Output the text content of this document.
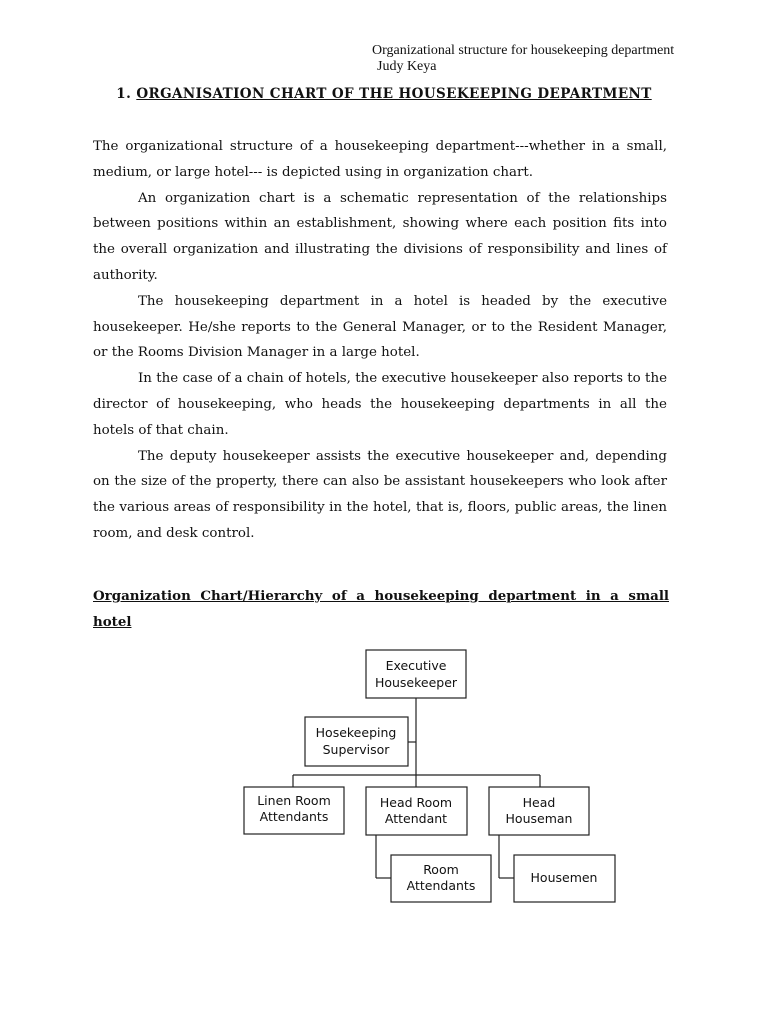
Organizational structure for housekeeping department
Judy Keya
1. ORGANISATION CHART OF THE HOUSEKEEPING DEPARTMENT

The organizational structure of a housekeeping department---whether in a small, medium, or large hotel--- is depicted using in organization chart.

An organization chart is a schematic representation of the relationships between positions within an establishment, showing where each position fits into the overall organization and illustrating the divisions of responsibility and lines of authority.

The housekeeping department in a hotel is headed by the executive housekeeper. He/she reports to the General Manager, or to the Resident Manager, or the Rooms Division Manager in a large hotel.

In the case of a chain of hotels, the executive housekeeper also reports to the director of housekeeping, who heads the housekeeping departments in all the hotels of that chain.

The deputy housekeeper assists the executive housekeeper and, depending on the size of the property, there can also be assistant housekeepers who look after the various areas of responsibility in the hotel, that is, floors, public areas, the linen room, and desk control.

Organization Chart/Hierarchy of a housekeeping department in a small hotel
Executive
Housekeeper
Hosekeeping
Supervisor
Linen Room
Attendants
Head Room
Attendant
Head
Houseman
Room
Attendants
Housemen
